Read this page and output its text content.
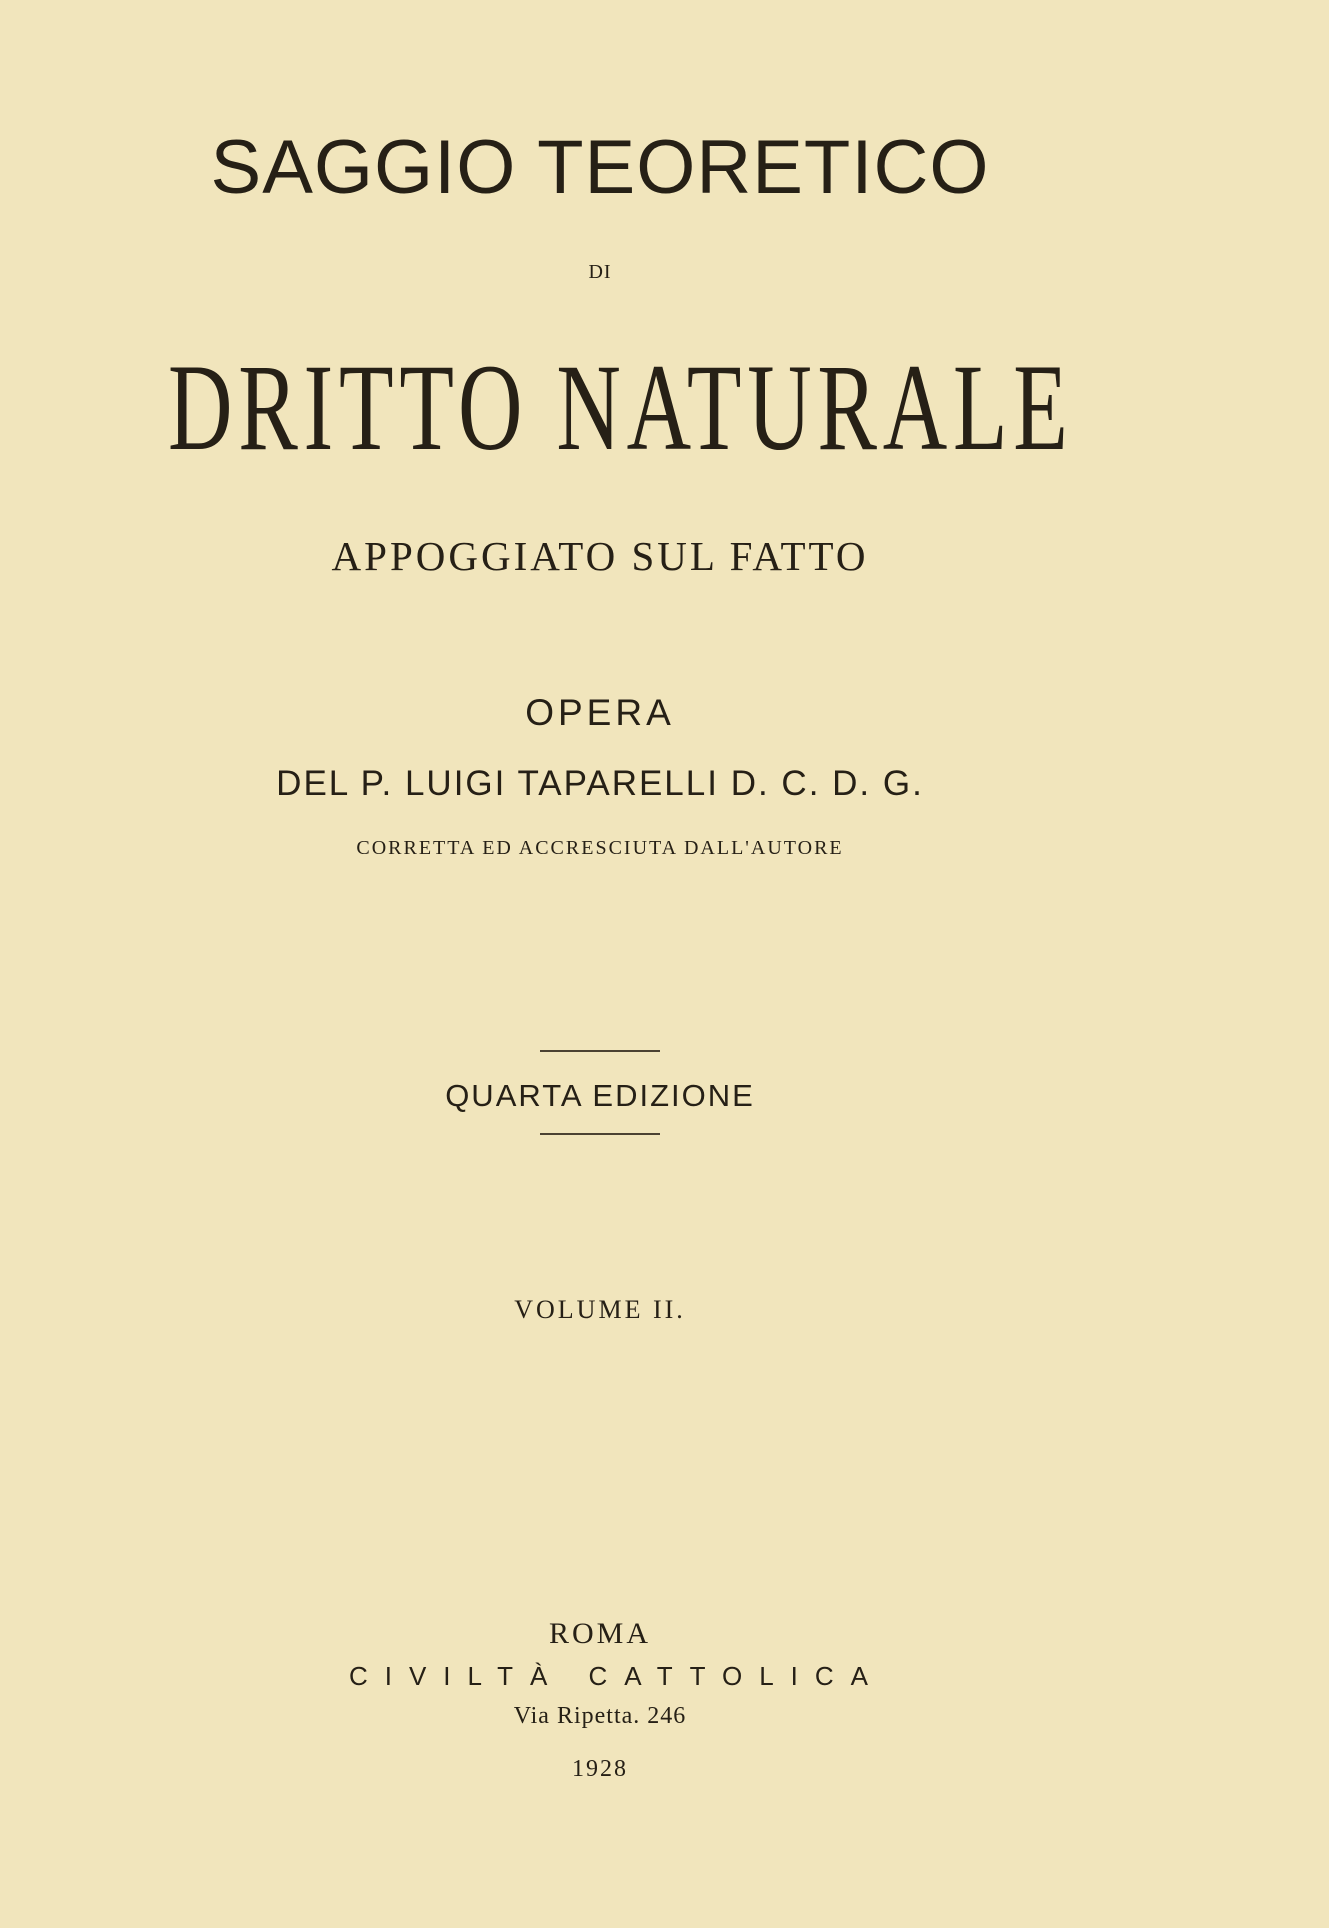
SAGGIO TEORETICO
DI
DRITTO NATURALE
APPOGGIATO SUL FATTO
OPERA
DEL P. LUIGI TAPARELLI D. C. D. G.
CORRETTA ED ACCRESCIUTA DALL'AUTORE
QUARTA EDIZIONE
VOLUME II.
ROMA
CIVILTÀ CATTOLICA
Via Ripetta. 246
1928
